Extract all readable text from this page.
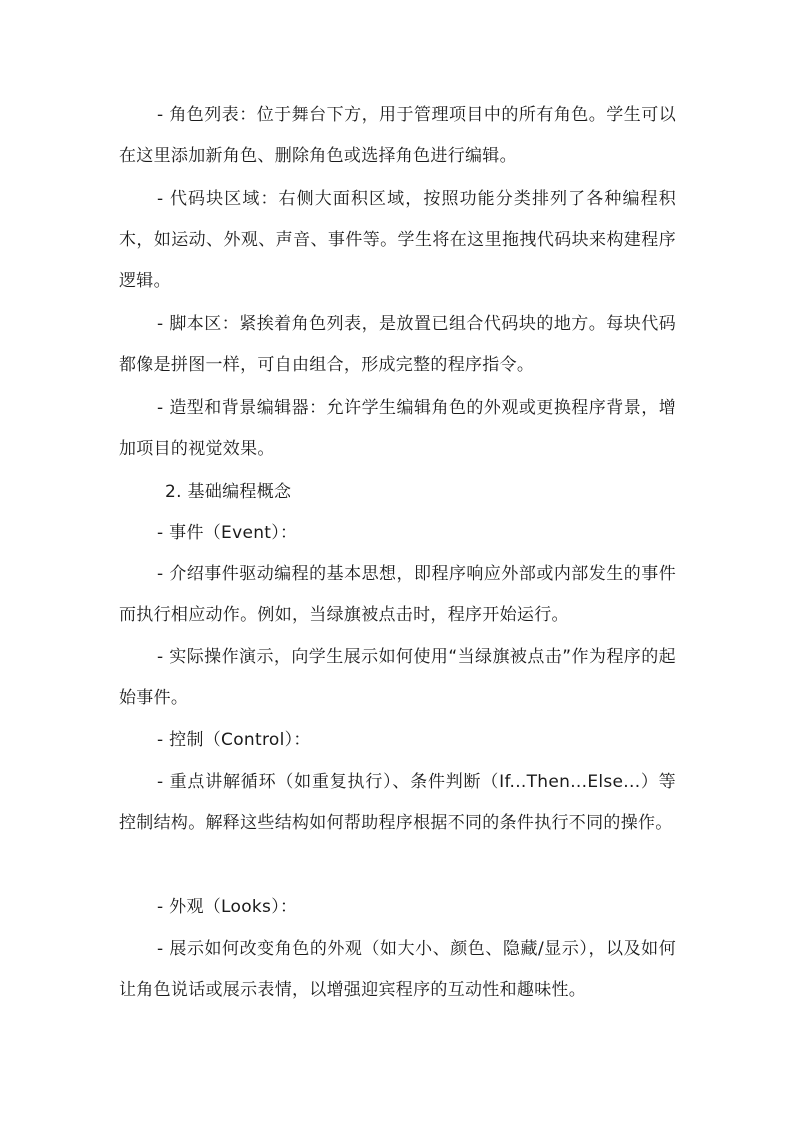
- 角色列表：位于舞台下方，用于管理项目中的所有角色。学生可以在这里添加新角色、删除角色或选择角色进行编辑。

- 代码块区域：右侧大面积区域，按照功能分类排列了各种编程积木，如运动、外观、声音、事件等。学生将在这里拖拽代码块来构建程序逻辑。

- 脚本区：紧挨着角色列表，是放置已组合代码块的地方。每块代码都像是拼图一样，可自由组合，形成完整的程序指令。

- 造型和背景编辑器：允许学生编辑角色的外观或更换程序背景，增加项目的视觉效果。

2. 基础编程概念

- 事件（Event）：

- 介绍事件驱动编程的基本思想，即程序响应外部或内部发生的事件而执行相应动作。例如，当绿旗被点击时，程序开始运行。

- 实际操作演示，向学生展示如何使用“当绿旗被点击”作为程序的起始事件。

- 控制（Control）：

- 重点讲解循环（如重复执行）、条件判断（If...Then...Else...）等控制结构。解释这些结构如何帮助程序根据不同的条件执行不同的操作。

- 外观（Looks）：

- 展示如何改变角色的外观（如大小、颜色、隐藏/显示），以及如何让角色说话或展示表情，以增强迎宾程序的互动性和趣味性。
